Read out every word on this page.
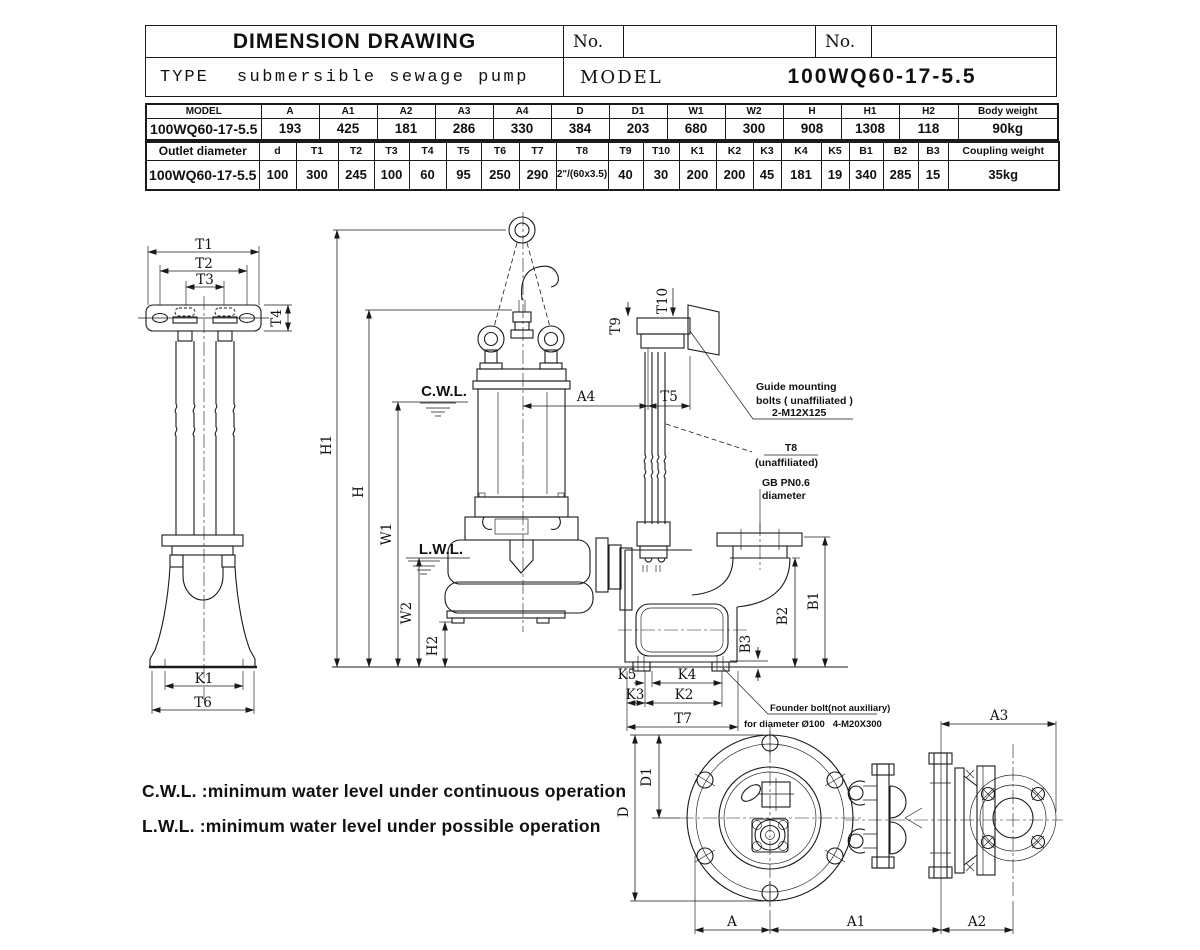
DIMENSION DRAWING	No.	No.
TYPE submersible sewage pump	MODEL	100WQ60-17-5.5
MODEL	A	A1	A2	A3	A4	D	D1	W1	W2	H	H1	H2	Body weight
100WQ60-17-5.5	193	425	181	286	330	384	203	680	300	908	1308	118	90kg
Outlet diameter	d	T1	T2	T3	T4	T5	T6	T7	T8	T9	T10	K1	K2	K3	K4	K5	B1	B2	B3	Coupling weight
100WQ60-17-5.5	100	300	245	100	60	95	250	290	2"/(60x3.5)	40	30	200	200	45	181	19	340	285	15	35kg
C.W.L. :minimum water level under continuous operation
L.W.L. :minimum water level under possible operation
T1
T2
T3
T4
K1
T6
T9
T10
H1
H
W1
W2
H2
A4	T5
B1
B2
B3
K5	K4
K3 K2
T7
C.W.L.
L.W.L.
Guide mounting
bolts ( unaffiliated )
2-M12X125
T8
(unaffiliated)
GB PN0.6
diameter
Founder bolt(not auxiliary)
for diameter Ø100   4-M20X300
D
D1
A	A1	A2
A3
